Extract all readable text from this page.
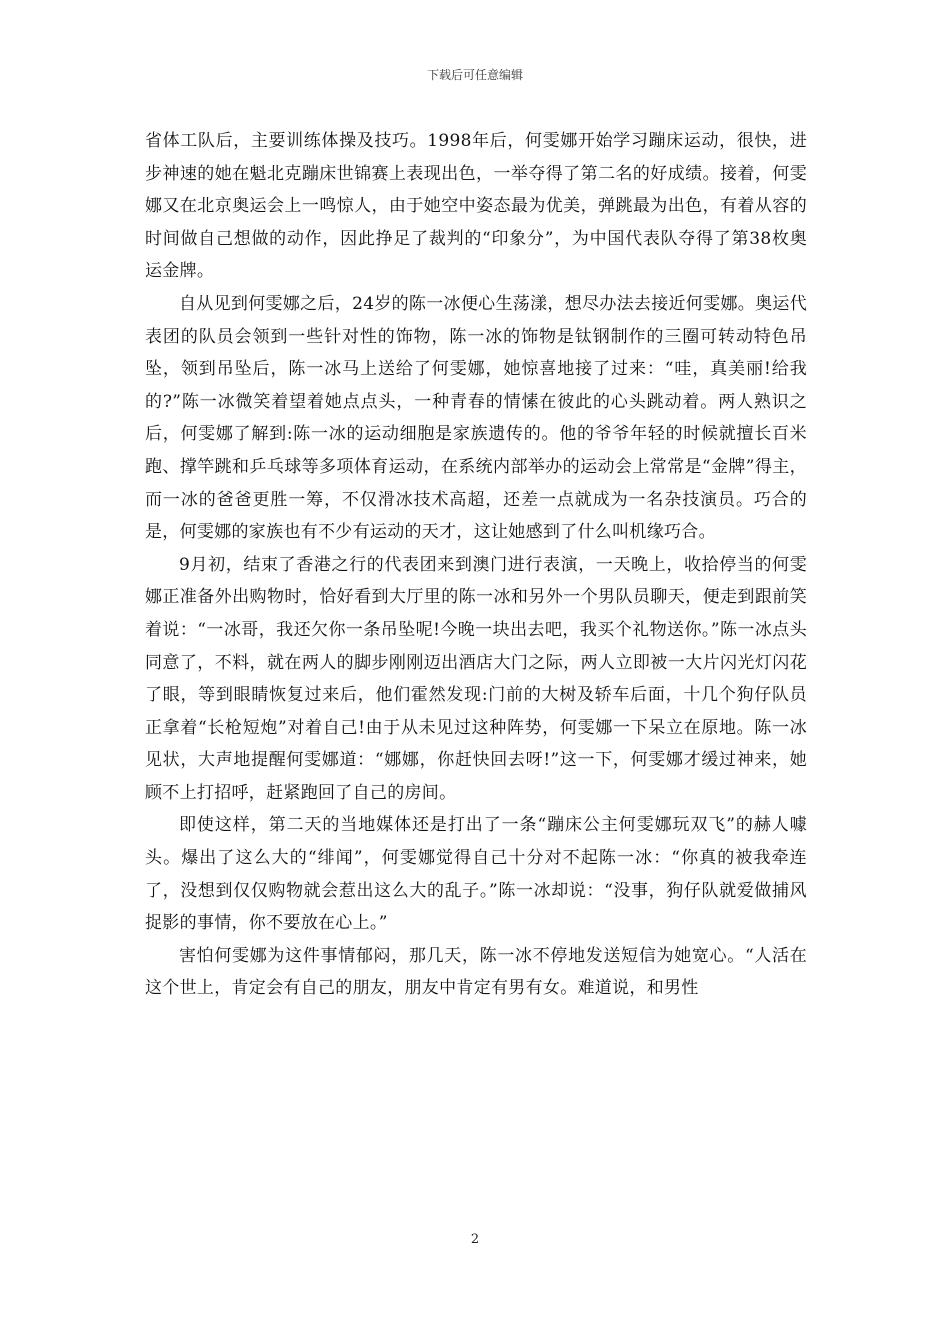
下载后可任意编辑

省体工队后，主要训练体操及技巧。1998年后，何雯娜开始学习蹦床运动，很快，进步神速的她在魁北克蹦床世锦赛上表现出色，一举夺得了第二名的好成绩。接着，何雯娜又在北京奥运会上一鸣惊人，由于她空中姿态最为优美，弹跳最为出色，有着从容的时间做自己想做的动作，因此挣足了裁判的“印象分”，为中国代表队夺得了第38枚奥运金牌。

自从见到何雯娜之后，24岁的陈一冰便心生荡漾，想尽办法去接近何雯娜。奥运代表团的队员会领到一些针对性的饰物，陈一冰的饰物是钛钢制作的三圈可转动特色吊坠，领到吊坠后，陈一冰马上送给了何雯娜，她惊喜地接了过来：“哇，真美丽!给我的?”陈一冰微笑着望着她点点头，一种青春的情愫在彼此的心头跳动着。两人熟识之后，何雯娜了解到:陈一冰的运动细胞是家族遗传的。他的爷爷年轻的时候就擅长百米跑、撑竿跳和乒乓球等多项体育运动，在系统内部举办的运动会上常常是“金牌”得主，而一冰的爸爸更胜一筹，不仅滑冰技术高超，还差一点就成为一名杂技演员。巧合的是，何雯娜的家族也有不少有运动的天才，这让她感到了什么叫机缘巧合。

9月初，结束了香港之行的代表团来到澳门进行表演，一天晚上，收拾停当的何雯娜正准备外出购物时，恰好看到大厅里的陈一冰和另外一个男队员聊天，便走到跟前笑着说：“一冰哥，我还欠你一条吊坠呢!今晚一块出去吧，我买个礼物送你。”陈一冰点头同意了，不料，就在两人的脚步刚刚迈出酒店大门之际，两人立即被一大片闪光灯闪花了眼，等到眼睛恢复过来后，他们霍然发现:门前的大树及轿车后面，十几个狗仔队员正拿着“长枪短炮”对着自己!由于从未见过这种阵势，何雯娜一下呆立在原地。陈一冰见状，大声地提醒何雯娜道：“娜娜，你赶快回去呀!”这一下，何雯娜才缓过神来，她顾不上打招呼，赶紧跑回了自己的房间。

即使这样，第二天的当地媒体还是打出了一条“蹦床公主何雯娜玩双飞”的赫人噱头。爆出了这么大的“绯闻”，何雯娜觉得自己十分对不起陈一冰：“你真的被我牵连了，没想到仅仅购物就会惹出这么大的乱子。”陈一冰却说：“没事，狗仔队就爱做捕风捉影的事情，你不要放在心上。”

害怕何雯娜为这件事情郁闷，那几天，陈一冰不停地发送短信为她宽心。“人活在这个世上，肯定会有自己的朋友，朋友中肯定有男有女。难道说，和男性

2
